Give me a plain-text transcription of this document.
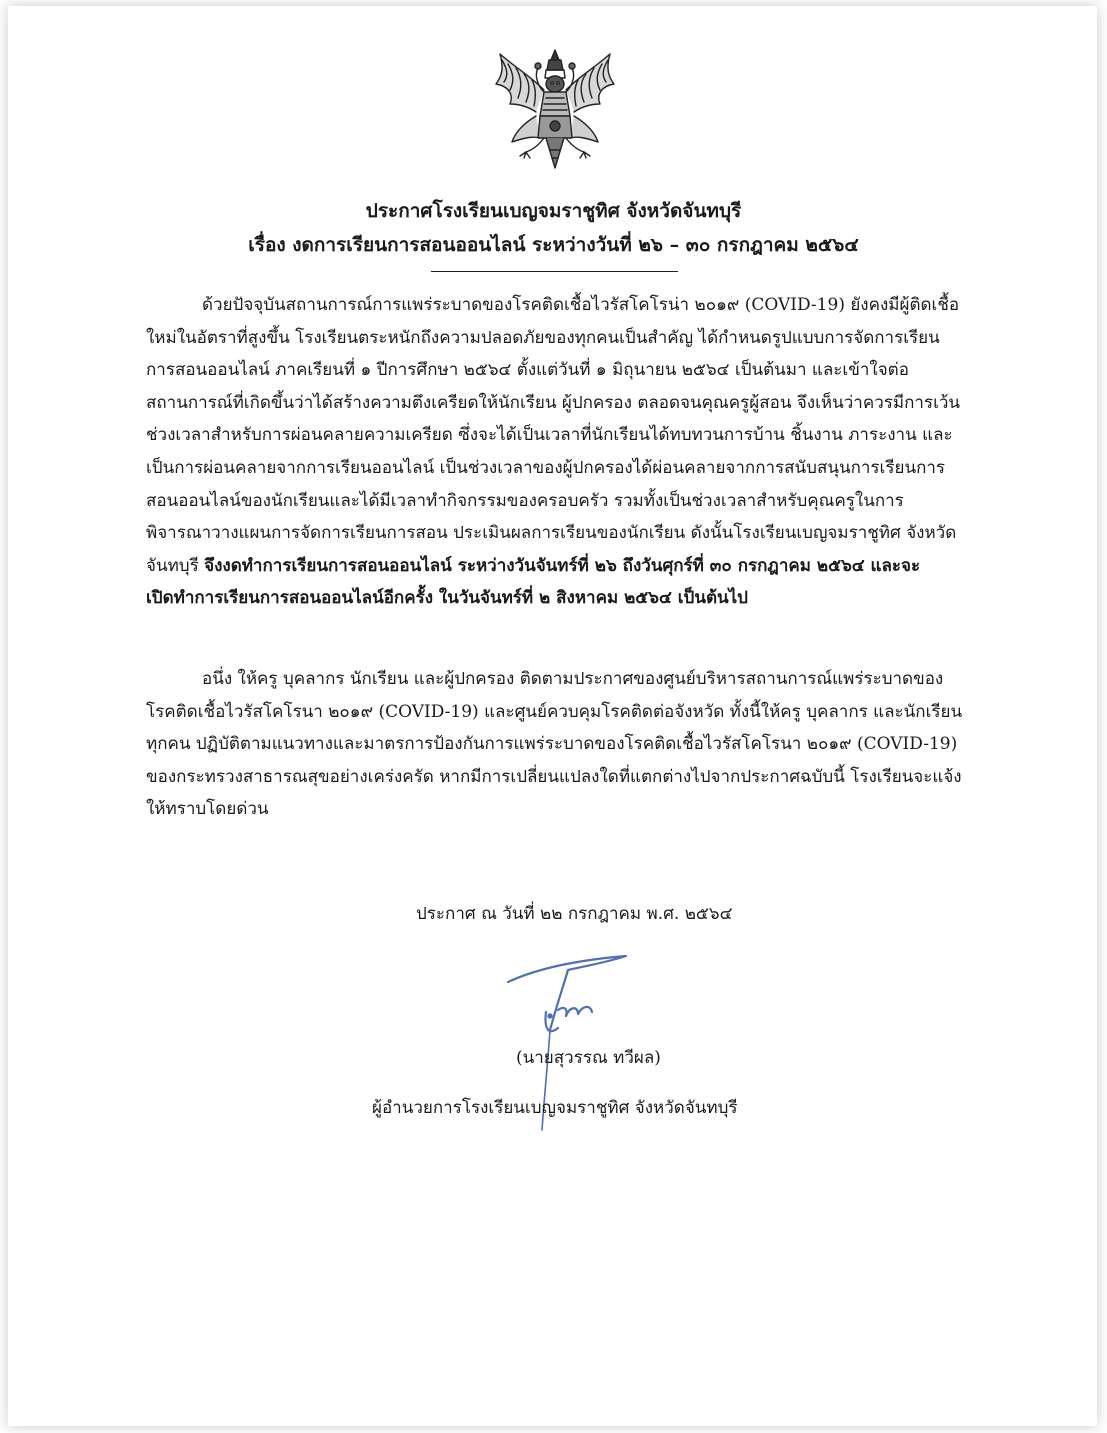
ประกาศโรงเรียนเบญจมราชูทิศ จังหวัดจันทบุรี
เรื่อง งดการเรียนการสอนออนไลน์ ระหว่างวันที่ ๒๖ – ๓๐ กรกฎาคม ๒๕๖๔
ด้วยปัจจุบันสถานการณ์การแพร่ระบาดของโรคติดเชื้อไวรัสโคโรน่า ๒๐๑๙ (COVID-19) ยังคงมีผู้ติดเชื้อ
ใหม่ในอัตราที่สูงขึ้น โรงเรียนตระหนักถึงความปลอดภัยของทุกคนเป็นสำคัญ ได้กำหนดรูปแบบการจัดการเรียน
การสอนออนไลน์ ภาคเรียนที่ ๑ ปีการศึกษา ๒๕๖๔ ตั้งแต่วันที่ ๑ มิถุนายน ๒๕๖๔ เป็นต้นมา และเข้าใจต่อ
สถานการณ์ที่เกิดขึ้นว่าได้สร้างความตึงเครียดให้นักเรียน ผู้ปกครอง ตลอดจนคุณครูผู้สอน จึงเห็นว่าควรมีการเว้น
ช่วงเวลาสำหรับการผ่อนคลายความเครียด ซึ่งจะได้เป็นเวลาที่นักเรียนได้ทบทวนการบ้าน ชิ้นงาน ภาระงาน และ
เป็นการผ่อนคลายจากการเรียนออนไลน์ เป็นช่วงเวลาของผู้ปกครองได้ผ่อนคลายจากการสนับสนุนการเรียนการ
สอนออนไลน์ของนักเรียนและได้มีเวลาทำกิจกรรมของครอบครัว รวมทั้งเป็นช่วงเวลาสำหรับคุณครูในการ
พิจารณาวางแผนการจัดการเรียนการสอน ประเมินผลการเรียนของนักเรียน ดังนั้นโรงเรียนเบญจมราชูทิศ จังหวัด
จันทบุรี จึงงดทำการเรียนการสอนออนไลน์ ระหว่างวันจันทร์ที่ ๒๖ ถึงวันศุกร์ที่ ๓๐ กรกฎาคม ๒๕๖๔ และจะ
เปิดทำการเรียนการสอนออนไลน์อีกครั้ง ในวันจันทร์ที่ ๒ สิงหาคม ๒๕๖๔ เป็นต้นไป
อนึ่ง ให้ครู บุคลากร นักเรียน และผู้ปกครอง ติดตามประกาศของศูนย์บริหารสถานการณ์แพร่ระบาดของ
โรคติดเชื้อไวรัสโคโรนา ๒๐๑๙ (COVID-19) และศูนย์ควบคุมโรคติดต่อจังหวัด ทั้งนี้ให้ครู บุคลากร และนักเรียน
ทุกคน ปฏิบัติตามแนวทางและมาตรการป้องกันการแพร่ระบาดของโรคติดเชื้อไวรัสโคโรนา ๒๐๑๙ (COVID-19)
ของกระทรวงสาธารณสุขอย่างเคร่งครัด หากมีการเปลี่ยนแปลงใดที่แตกต่างไปจากประกาศฉบับนี้ โรงเรียนจะแจ้ง
ให้ทราบโดยด่วน
ประกาศ ณ วันที่ ๒๒ กรกฎาคม พ.ศ. ๒๕๖๔
(นายสุวรรณ ทวีผล)
ผู้อำนวยการโรงเรียนเบญจมราชูทิศ จังหวัดจันทบุรี
